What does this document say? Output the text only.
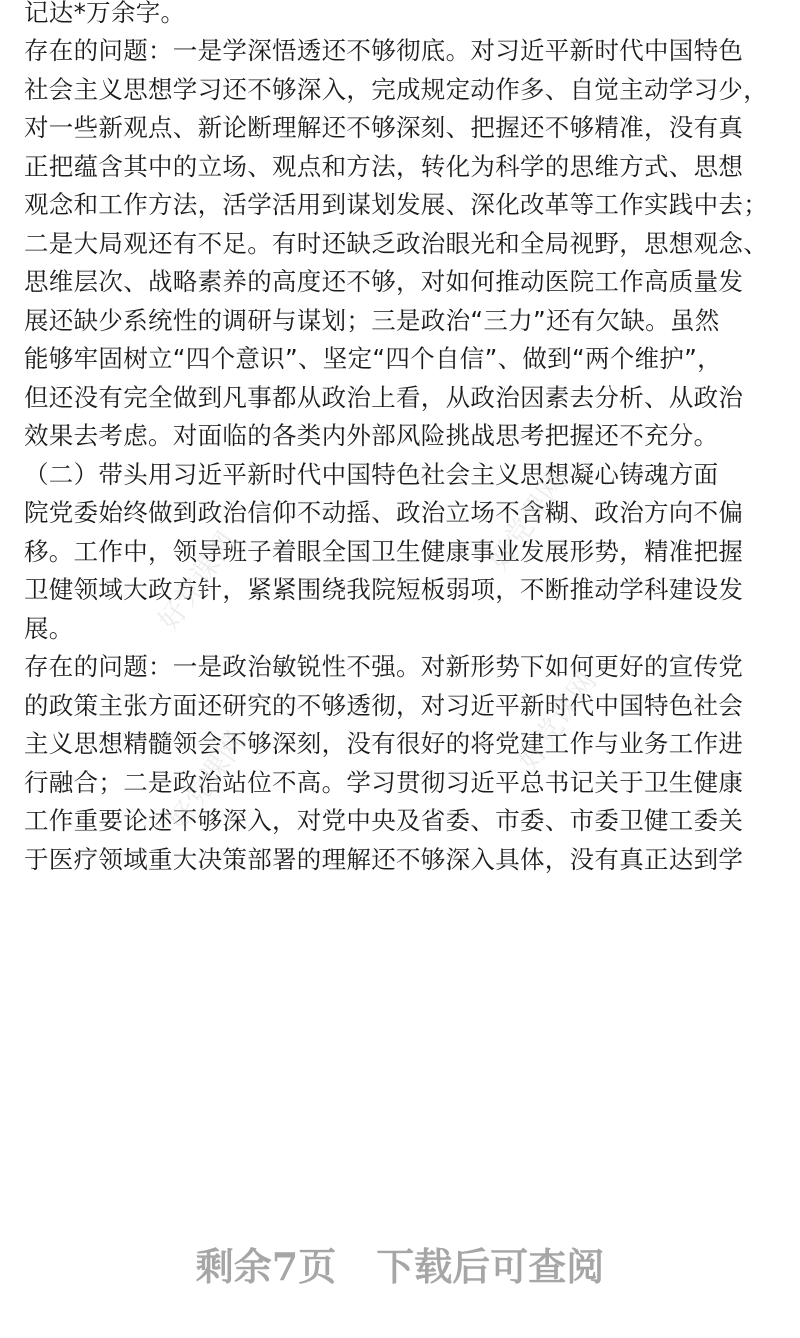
记达*万余字。
存在的问题：一是学深悟透还不够彻底。对习近平新时代中国特色
社会主义思想学习还不够深入，完成规定动作多、自觉主动学习少，
对一些新观点、新论断理解还不够深刻、把握还不够精准，没有真
正把蕴含其中的立场、观点和方法，转化为科学的思维方式、思想
观念和工作方法，活学活用到谋划发展、深化改革等工作实践中去；
二是大局观还有不足。有时还缺乏政治眼光和全局视野，思想观念、
思维层次、战略素养的高度还不够，对如何推动医院工作高质量发
展还缺少系统性的调研与谋划；三是政治“三力”还有欠缺。虽然
能够牢固树立“四个意识”、坚定“四个自信”、做到“两个维护”，
但还没有完全做到凡事都从政治上看，从政治因素去分析、从政治
效果去考虑。对面临的各类内外部风险挑战思考把握还不充分。
（二）带头用习近平新时代中国特色社会主义思想凝心铸魂方面
院党委始终做到政治信仰不动摇、政治立场不含糊、政治方向不偏
移。工作中，领导班子着眼全国卫生健康事业发展形势，精准把握
卫健领域大政方针，紧紧围绕我院短板弱项，不断推动学科建设发
展。
存在的问题：一是政治敏锐性不强。对新形势下如何更好的宣传党
的政策主张方面还研究的不够透彻，对习近平新时代中国特色社会
主义思想精髓领会不够深刻，没有很好的将党建工作与业务工作进
行融合；二是政治站位不高。学习贯彻习近平总书记关于卫生健康
工作重要论述不够深入，对党中央及省委、市委、市委卫健工委关
于医疗领域重大决策部署的理解还不够深入具体，没有真正达到学
好党课网
好党课网
好党课网
好党课网
剩余7页 下载后可查阅
